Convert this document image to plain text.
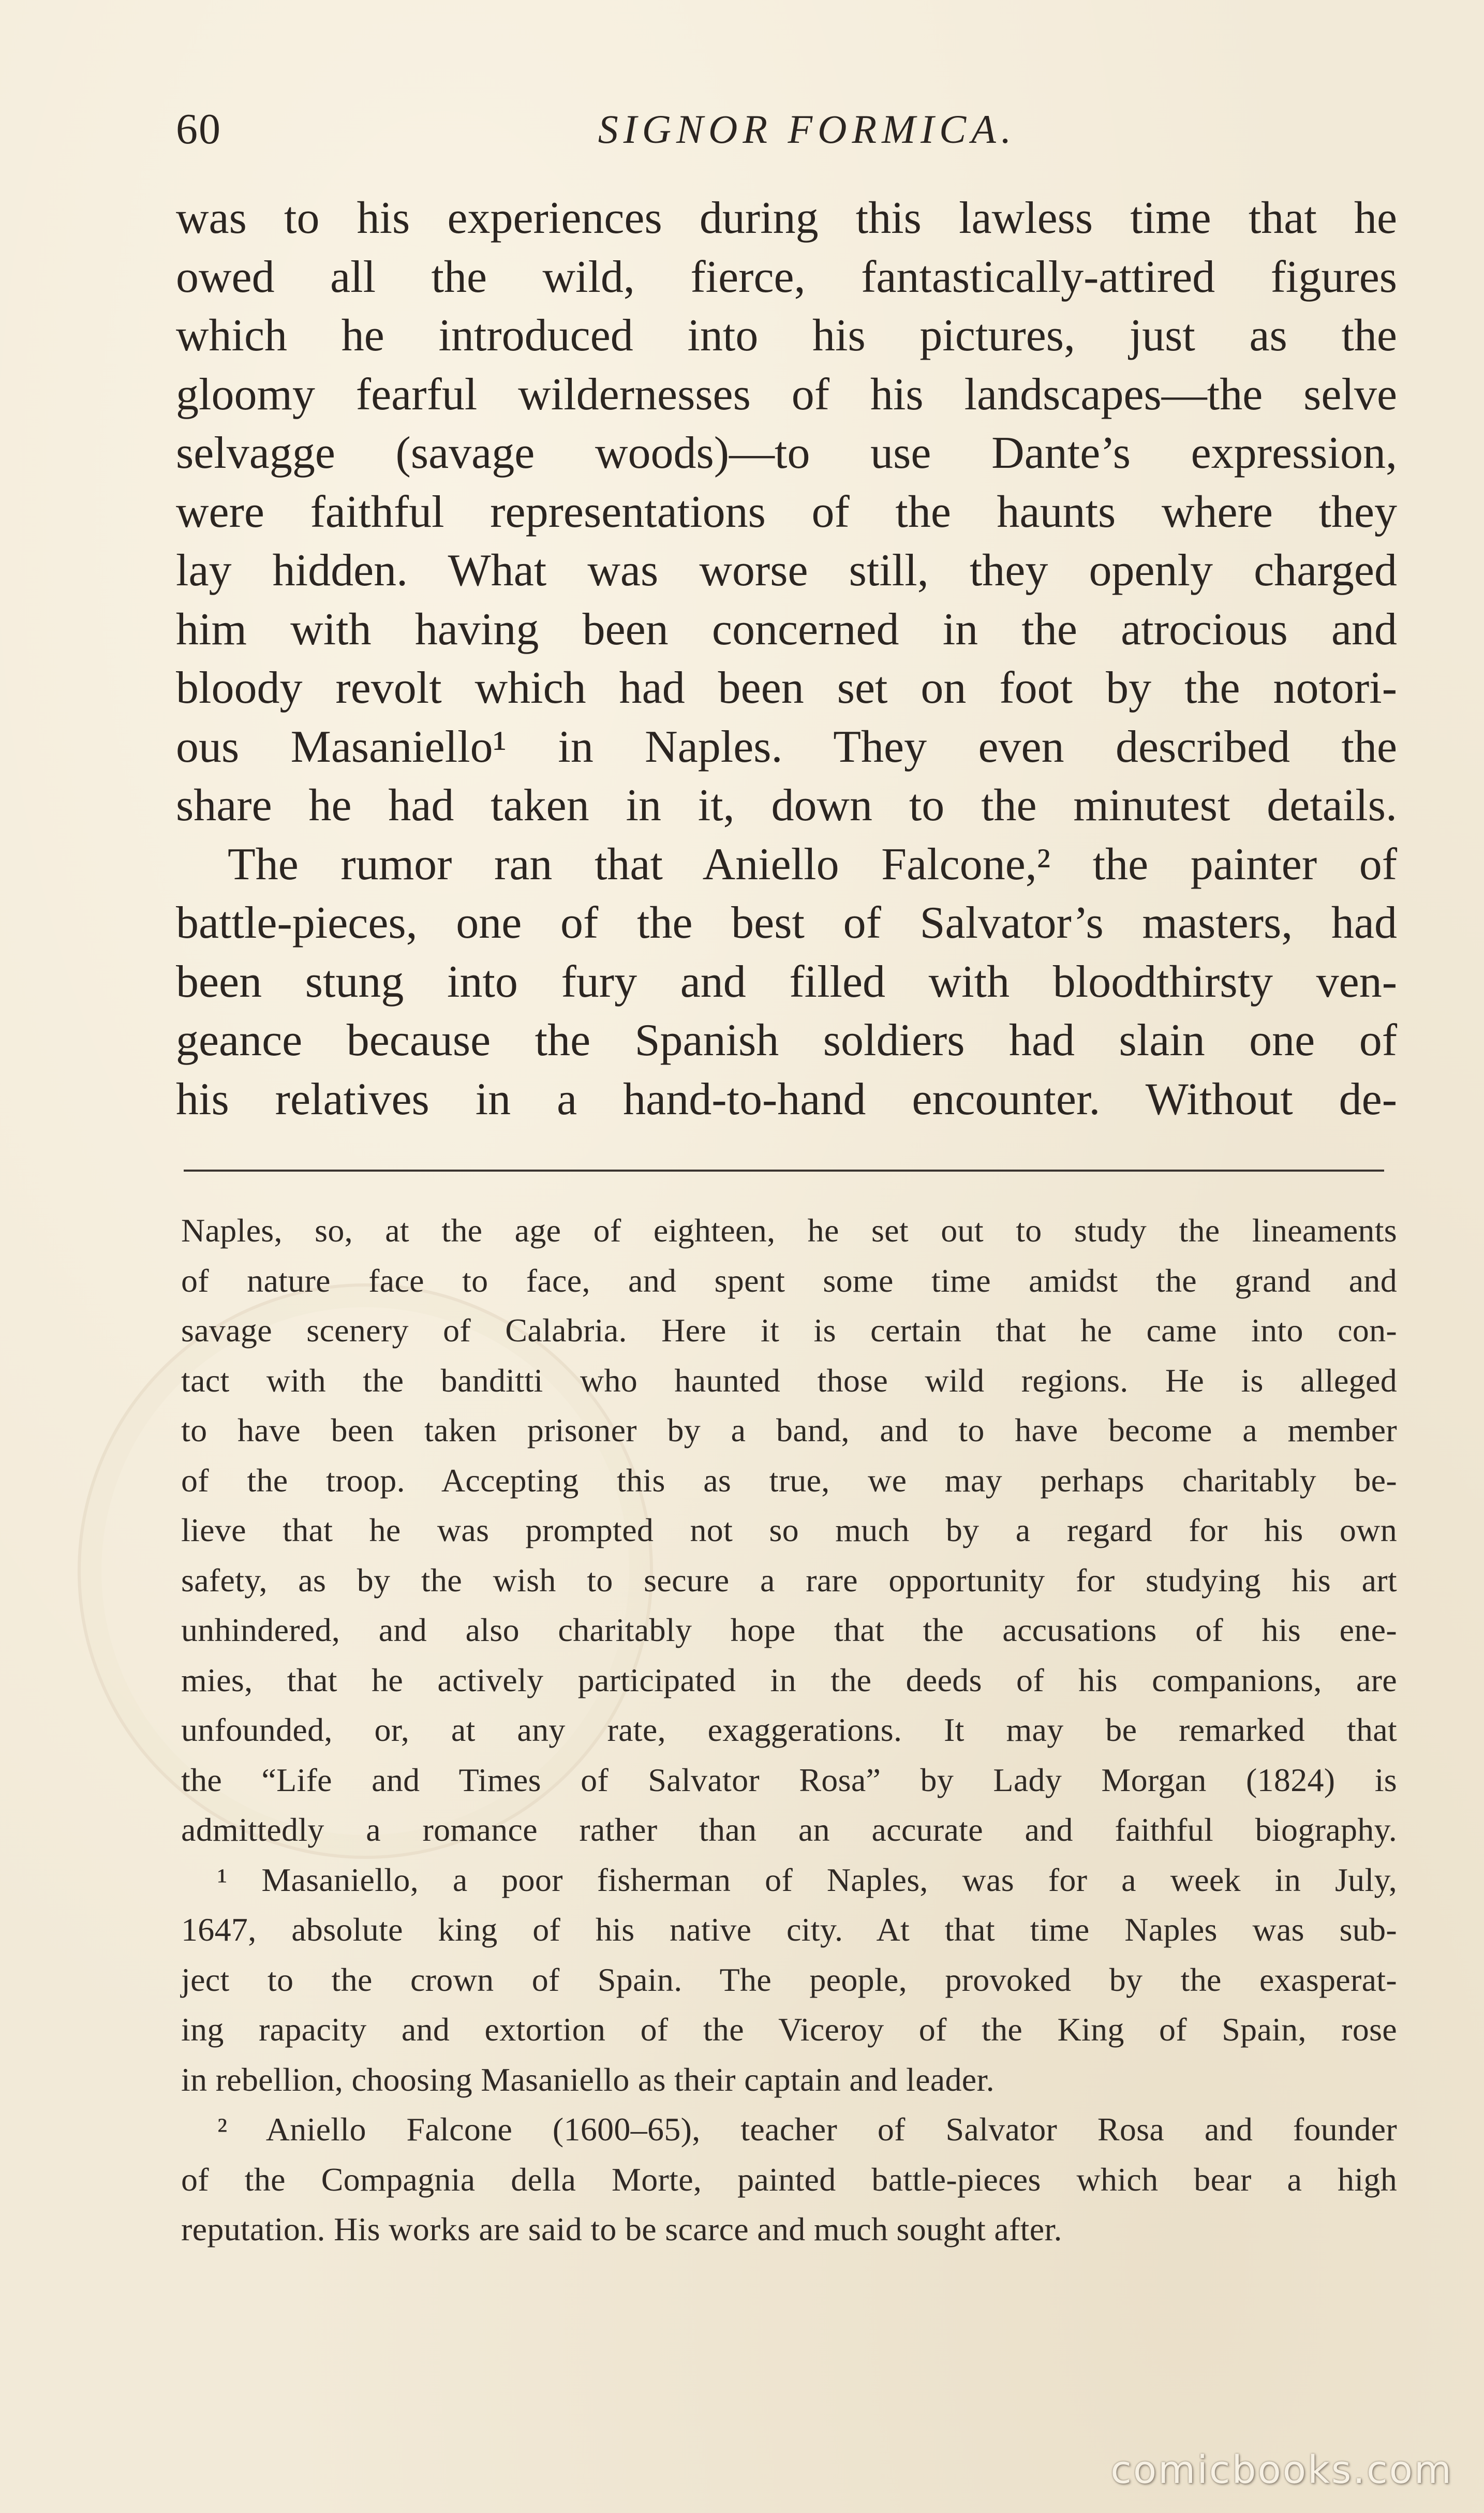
60	SIGNOR FORMICA.
was to his experiences during this lawless time that he
owed all the wild, fierce, fantastically-attired figures
which he introduced into his pictures, just as the
gloomy fearful wildernesses of his landscapes—the selve
selvagge (savage woods)—to use Dante’s expression,
were faithful representations of the haunts where they
lay hidden. What was worse still, they openly charged
him with having been concerned in the atrocious and
bloody revolt which had been set on foot by the notori-
ous Masaniello¹ in Naples. They even described the
share he had taken in it, down to the minutest details.
The rumor ran that Aniello Falcone,² the painter of
battle-pieces, one of the best of Salvator’s masters, had
been stung into fury and filled with bloodthirsty ven-
geance because the Spanish soldiers had slain one of
his relatives in a hand-to-hand encounter. Without de-
Naples, so, at the age of eighteen, he set out to study the lineaments
of nature face to face, and spent some time amidst the grand and
savage scenery of Calabria. Here it is certain that he came into con-
tact with the banditti who haunted those wild regions. He is alleged
to have been taken prisoner by a band, and to have become a member
of the troop. Accepting this as true, we may perhaps charitably be-
lieve that he was prompted not so much by a regard for his own
safety, as by the wish to secure a rare opportunity for studying his art
unhindered, and also charitably hope that the accusations of his ene-
mies, that he actively participated in the deeds of his companions, are
unfounded, or, at any rate, exaggerations. It may be remarked that
the “Life and Times of Salvator Rosa” by Lady Morgan (1824) is
admittedly a romance rather than an accurate and faithful biography.
¹ Masaniello, a poor fisherman of Naples, was for a week in July,
1647, absolute king of his native city. At that time Naples was sub-
ject to the crown of Spain. The people, provoked by the exasperat-
ing rapacity and extortion of the Viceroy of the King of Spain, rose
in rebellion, choosing Masaniello as their captain and leader.
² Aniello Falcone (1600–65), teacher of Salvator Rosa and founder
of the Compagnia della Morte, painted battle-pieces which bear a high
reputation. His works are said to be scarce and much sought after.
comicbooks.com
